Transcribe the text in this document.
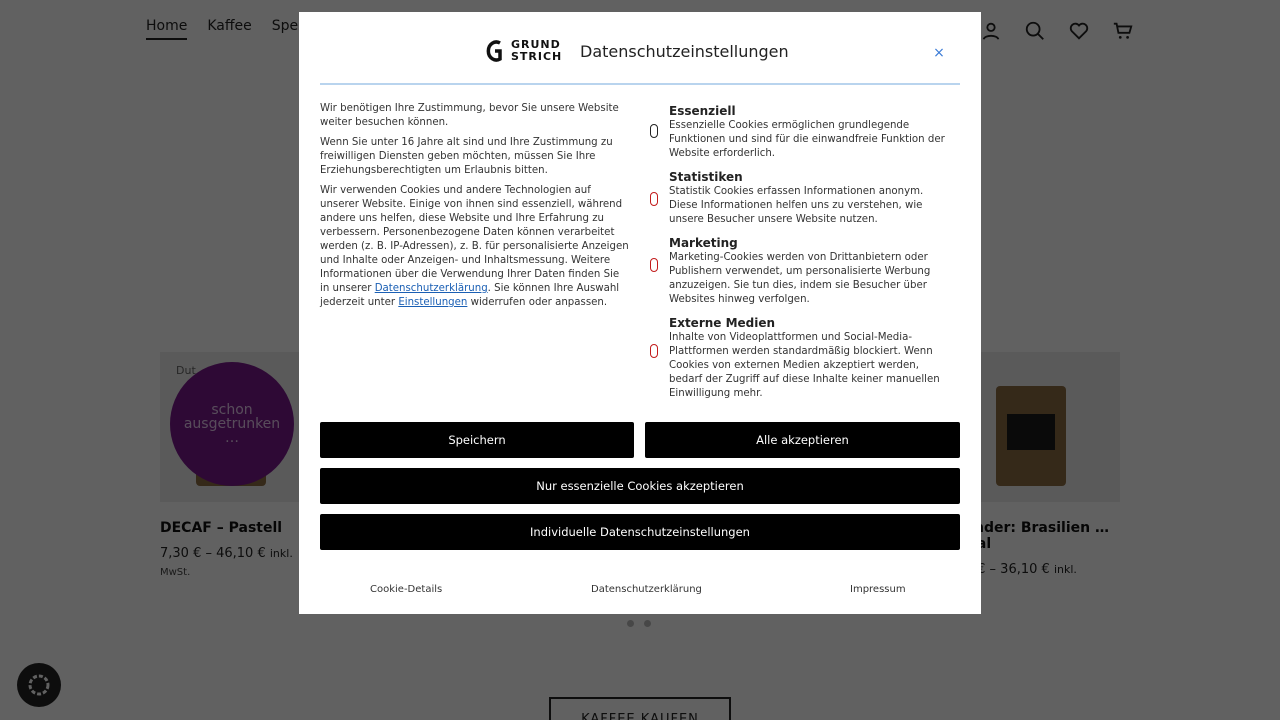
GRUND
STRICH Datenschutzeinstellungen	×

Wir benötigen Ihre Zustimmung, bevor Sie unsere Website weiter besuchen können.

Wenn Sie unter 16 Jahre alt sind und Ihre Zustimmung zu freiwilligen Diensten geben möchten, müssen Sie Ihre Erziehungsberechtigten um Erlaubnis bitten.

Wir verwenden Cookies und andere Technologien auf unserer Website. Einige von ihnen sind essenziell, während andere uns helfen, diese Website und Ihre Erfahrung zu verbessern. Personenbezogene Daten können verarbeitet werden (z. B. IP-Adressen), z. B. für personalisierte Anzeigen und Inhalte oder Anzeigen- und Inhaltsmessung. Weitere Informationen über die Verwendung Ihrer Daten finden Sie in unserer Datenschutzerklärung. Sie können Ihre Auswahl jederzeit unter Einstellungen widerrufen oder anpassen.

Essenziell
Essenzielle Cookies ermöglichen grundlegende Funktionen und sind für die einwandfreie Funktion der Website erforderlich.
Statistiken
Statistik Cookies erfassen Informationen anonym. Diese Informationen helfen uns zu verstehen, wie unsere Besucher unsere Website nutzen.
Marketing
Marketing-Cookies werden von Drittanbietern oder Publishern verwendet, um personalisierte Werbung anzuzeigen. Sie tun dies, indem sie Besucher über Websites hinweg verfolgen.
Externe Medien
Inhalte von Videoplattformen und Social-Media-Plattformen werden standardmäßig blockiert. Wenn Cookies von externen Medien akzeptiert werden, bedarf der Zugriff auf diese Inhalte keiner manuellen Einwilligung mehr.
Speichern	Alle akzeptieren
Nur essenzielle Cookies akzeptieren
Individuelle Datenschutzeinstellungen
Cookie-Details	Datenschutzerklärung	Impressum
